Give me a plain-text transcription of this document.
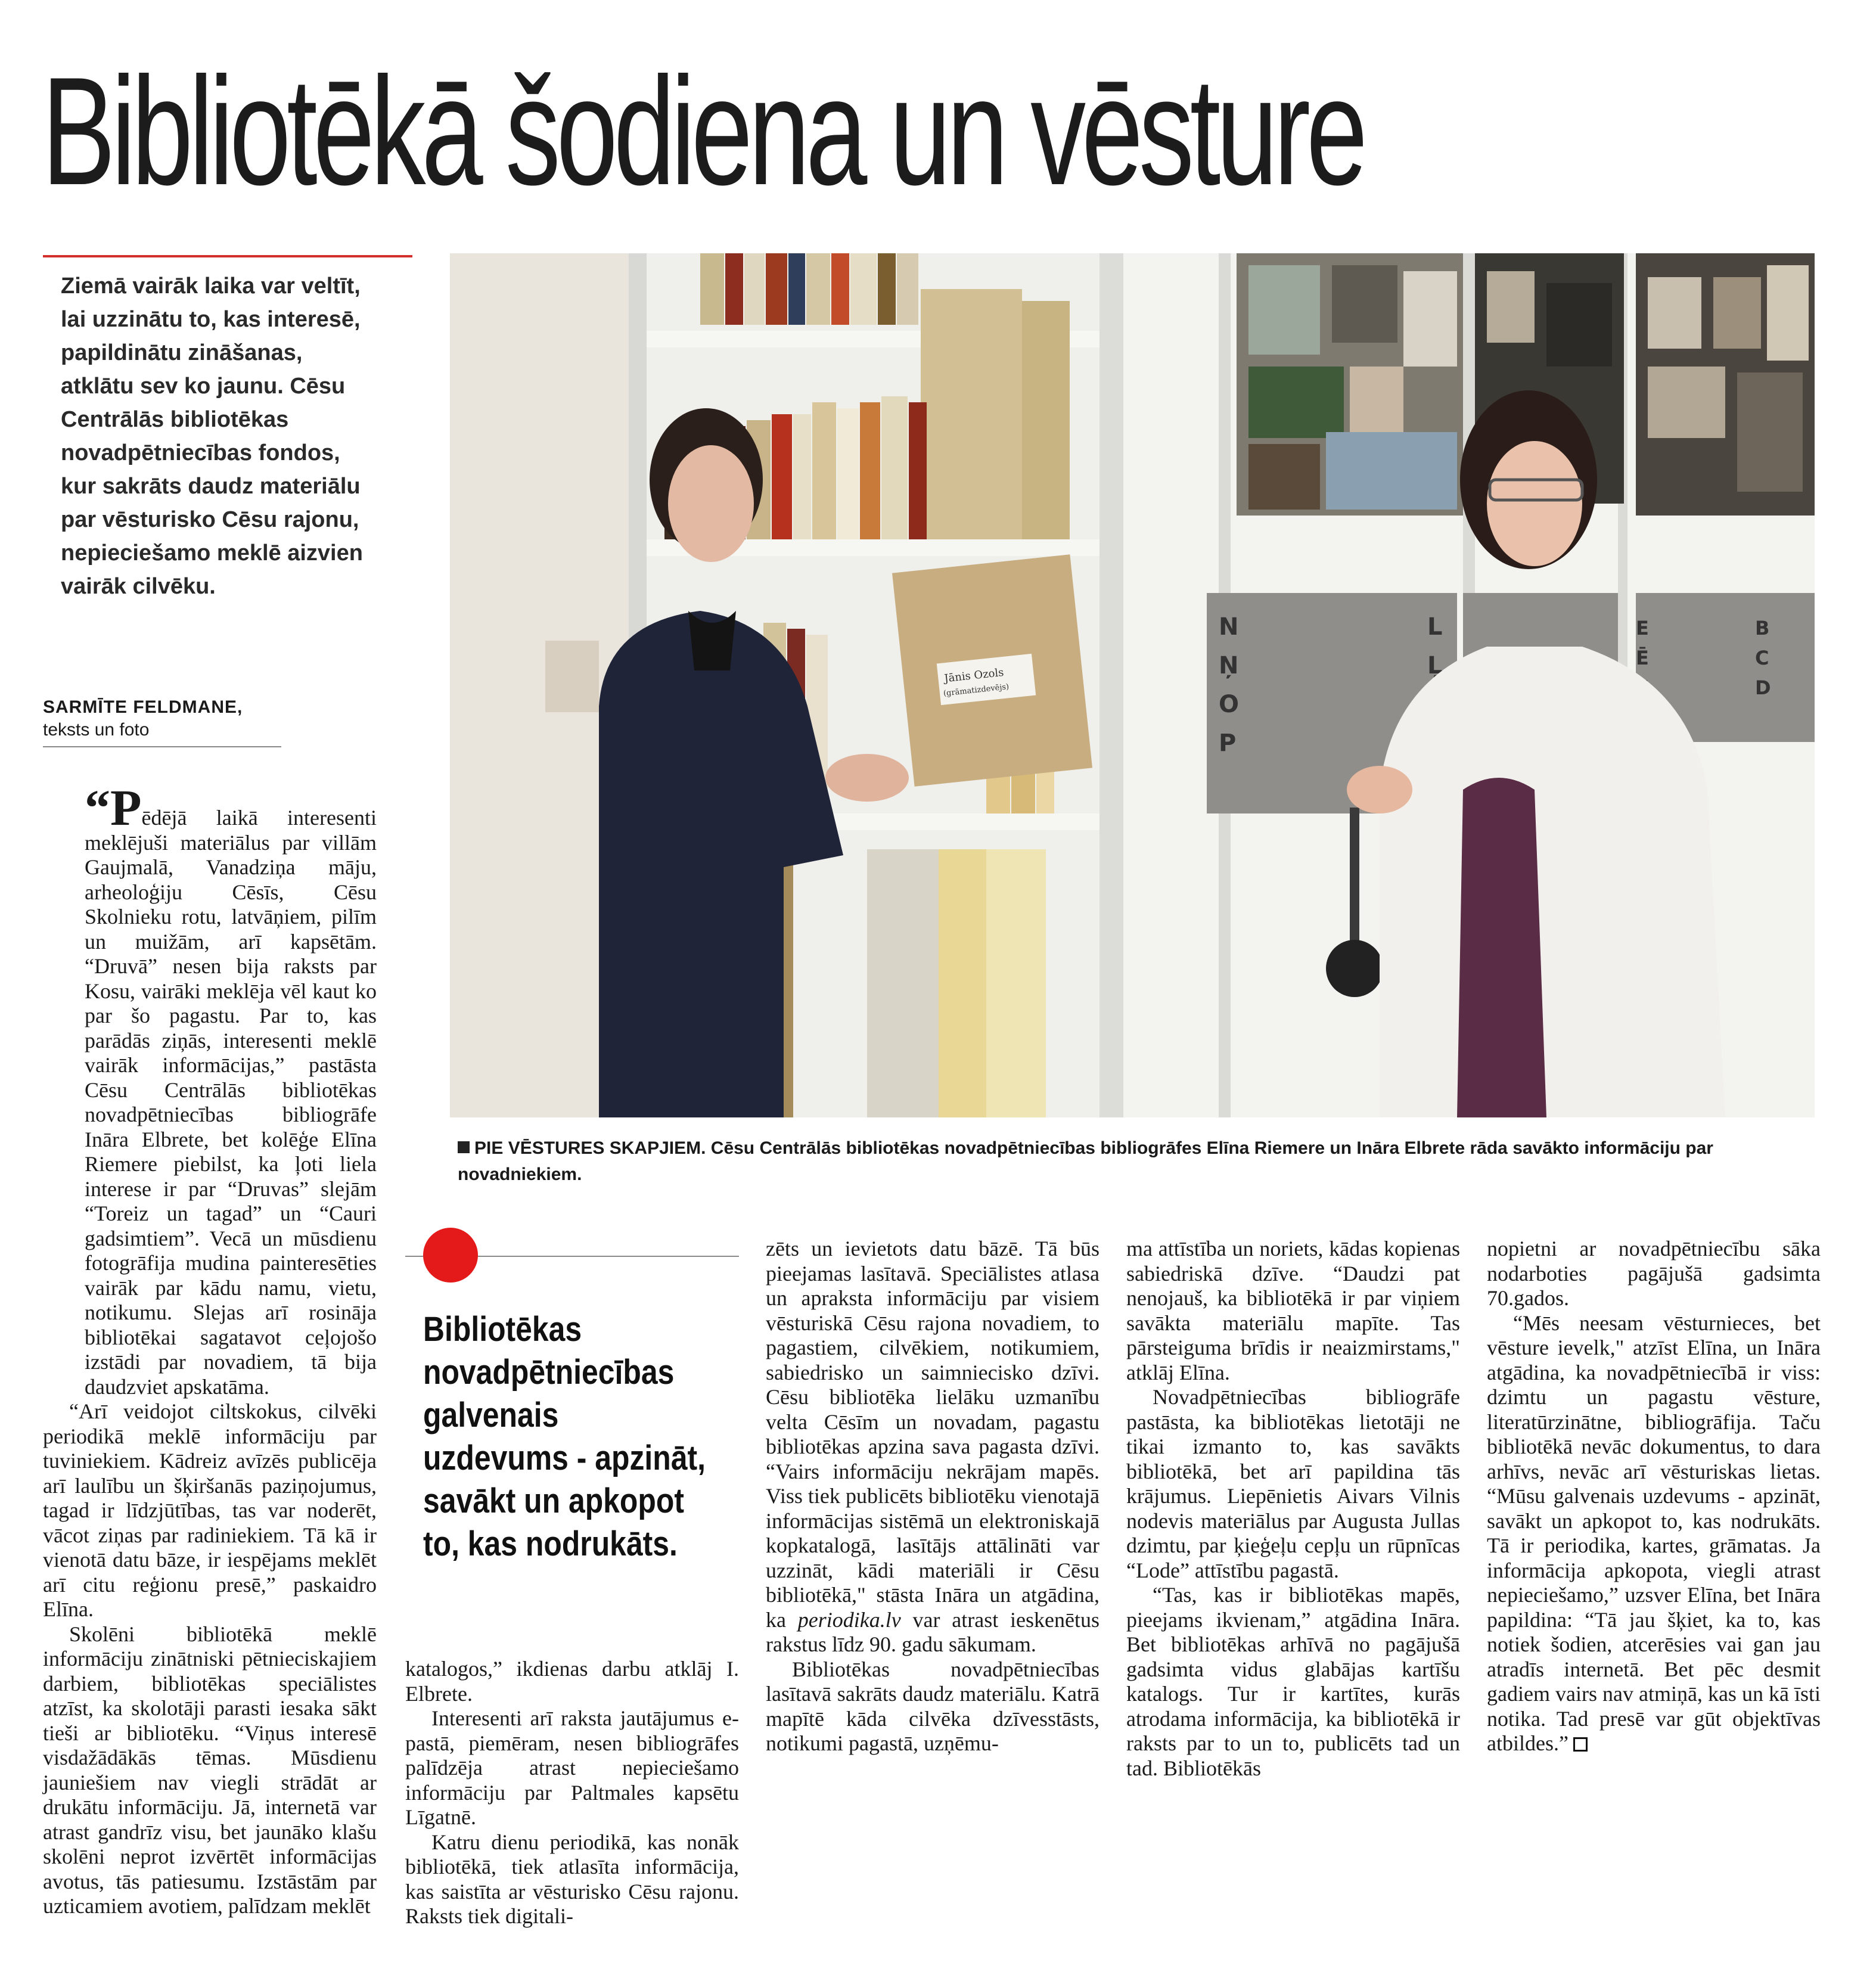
Bibliotēkā šodiena un vēsture
Ziemā vairāk laika var veltīt, lai uzzinātu to, kas interesē, papildinātu zināšanas, atklātu sev ko jaunu. Cēsu Centrālās bibliotēkas novadpētniecības fondos, kur sakrāts daudz materiālu par vēsturisko Cēsu rajonu, nepieciešamo meklē aizvien vairāk cilvēku.
SARMĪTE FELDMANE,
teksts un foto

“Pēdējā laikā interesenti meklējuši materiālus par villām Gaujmalā, Vanadziņa māju, arheoloģiju Cēsīs, Cēsu Skolnieku rotu, latvāņiem, pilīm un muižām, arī kapsētām. “Druvā” nesen bija raksts par Kosu, vairāki meklēja vēl kaut ko par šo pagastu. Par to, kas parādās ziņās, interesenti meklē vairāk informācijas,” pastāsta Cēsu Centrālās bibliotēkas novadpētniecības bibliogrāfe Ināra Elbrete, bet kolēģe Elīna Riemere piebilst, ka ļoti liela interese ir par “Druvas” slejām “Toreiz un tagad” un “Cauri gadsimtiem”. Vecā un mūsdienu fotogrāfija mudina painteresēties vairāk par kādu namu, vietu, notikumu. Slejas arī rosināja bibliotēkai sagatavot ceļojošo izstādi par novadiem, tā bija daudzviet apskatāma.

“Arī veidojot ciltskokus, cilvēki periodikā meklē informāciju par tuviniekiem. Kādreiz avīzēs publicēja arī laulību un šķiršanās paziņojumus, tagad ir līdzjūtības, tas var noderēt, vācot ziņas par radiniekiem. Tā kā ir vienotā datu bāze, ir iespējams meklēt arī citu reģionu presē,” paskaidro Elīna.

Skolēni bibliotēkā meklē informāciju zinātniski pētnieciskajiem darbiem, bibliotēkas speciālistes atzīst, ka skolotāji parasti iesaka sākt tieši ar bibliotēku. “Viņus interesē visdažādākās tēmas. Mūsdienu jauniešiem nav viegli strādāt ar drukātu informāciju. Jā, internetā var atrast gandrīz visu, bet jaunāko klašu skolēni neprot izvērtēt informācijas avotus, tās patiesumu. Izstāstām par uzticamiem avotiem, palīdzam meklēt

Jānis Ozols
(grāmatizdevējs)
N
Ņ
O
P
L
Ļ
E
Ē
B
C
D
PIE VĒSTURES SKAPJIEM. Cēsu Centrālās bibliotēkas novadpētniecības bibliogrāfes Elīna Riemere un Ināra Elbrete rāda savākto informāciju par novadniekiem.
Bibliotēkas novadpētniecības galvenais uzdevums - apzināt, savākt un apkopot to, kas nodrukāts.

katalogos,” ikdienas darbu atklāj I. Elbrete.

Interesenti arī raksta jautājumus e-pastā, piemēram, nesen bibliogrāfes palīdzēja atrast nepieciešamo informāciju par Paltmales kapsētu Līgatnē.

Katru dienu periodikā, kas nonāk bibliotēkā, tiek atlasīta informācija, kas saistīta ar vēsturisko Cēsu rajonu. Raksts tiek digitali-

zēts un ievietots datu bāzē. Tā būs pieejamas lasītavā. Speciālistes atlasa un apraksta informāciju par visiem vēsturiskā Cēsu rajona novadiem, to pagastiem, cilvēkiem, notikumiem, sabiedrisko un saimniecisko dzīvi. Cēsu bibliotēka lielāku uzmanību velta Cēsīm un novadam, pagastu bibliotēkas apzina sava pagasta dzīvi. “Vairs informāciju nekrājam mapēs. Viss tiek publicēts bibliotēku vienotajā informācijas sistēmā un elektroniskajā kopkatalogā, lasītājs attālināti var uzzināt, kādi materiāli ir Cēsu bibliotēkā," stāsta Ināra un atgādina, ka periodika.lv var atrast ieskenētus rakstus līdz 90. gadu sākumam.

Bibliotēkas novadpētniecības lasītavā sakrāts daudz materiālu. Katrā mapītē kāda cilvēka dzīvesstāsts, notikumi pagastā, uzņēmu-

ma attīstība un noriets, kādas kopienas sabiedriskā dzīve. “Daudzi pat nenojauš, ka bibliotēkā ir par viņiem savākta materiālu mapīte. Tas pārsteiguma brīdis ir neaizmirstams," atklāj Elīna.

Novadpētniecības bibliogrāfe pastāsta, ka bibliotēkas lietotāji ne tikai izmanto to, kas savākts bibliotēkā, bet arī papildina tās krājumus. Liepēnietis Aivars Vilnis nodevis materiālus par Augusta Jullas dzimtu, par ķieģeļu cepļu un rūpnīcas “Lode” attīstību pagastā.

“Tas, kas ir bibliotēkas mapēs, pieejams ikvienam,” atgādina Ināra. Bet bibliotēkas arhīvā no pagājušā gadsimta vidus glabājas kartīšu katalogs. Tur ir kartītes, kurās atrodama informācija, ka bibliotēkā ir raksts par to un to, publicēts tad un tad. Bibliotēkās

nopietni ar novadpētniecību sāka nodarboties pagājušā gadsimta 70.gados.

“Mēs neesam vēsturnieces, bet vēsture ievelk," atzīst Elīna, un Ināra atgādina, ka novadpētniecībā ir viss: dzimtu un pagastu vēsture, literatūrzinātne, bibliogrāfija. Taču bibliotēkā nevāc dokumentus, to dara arhīvs, nevāc arī vēsturiskas lietas. “Mūsu galvenais uzdevums - apzināt, savākt un apkopot to, kas nodrukāts. Tā ir periodika, kartes, grāmatas. Ja informācija apkopota, viegli atrast nepieciešamo,” uzsver Elīna, bet Ināra papildina: “Tā jau šķiet, ka to, kas notiek šodien, atcerēsies vai gan jau atradīs internetā. Bet pēc desmit gadiem vairs nav atmiņā, kas un kā īsti notika. Tad presē var gūt objektīvas atbildes.”
